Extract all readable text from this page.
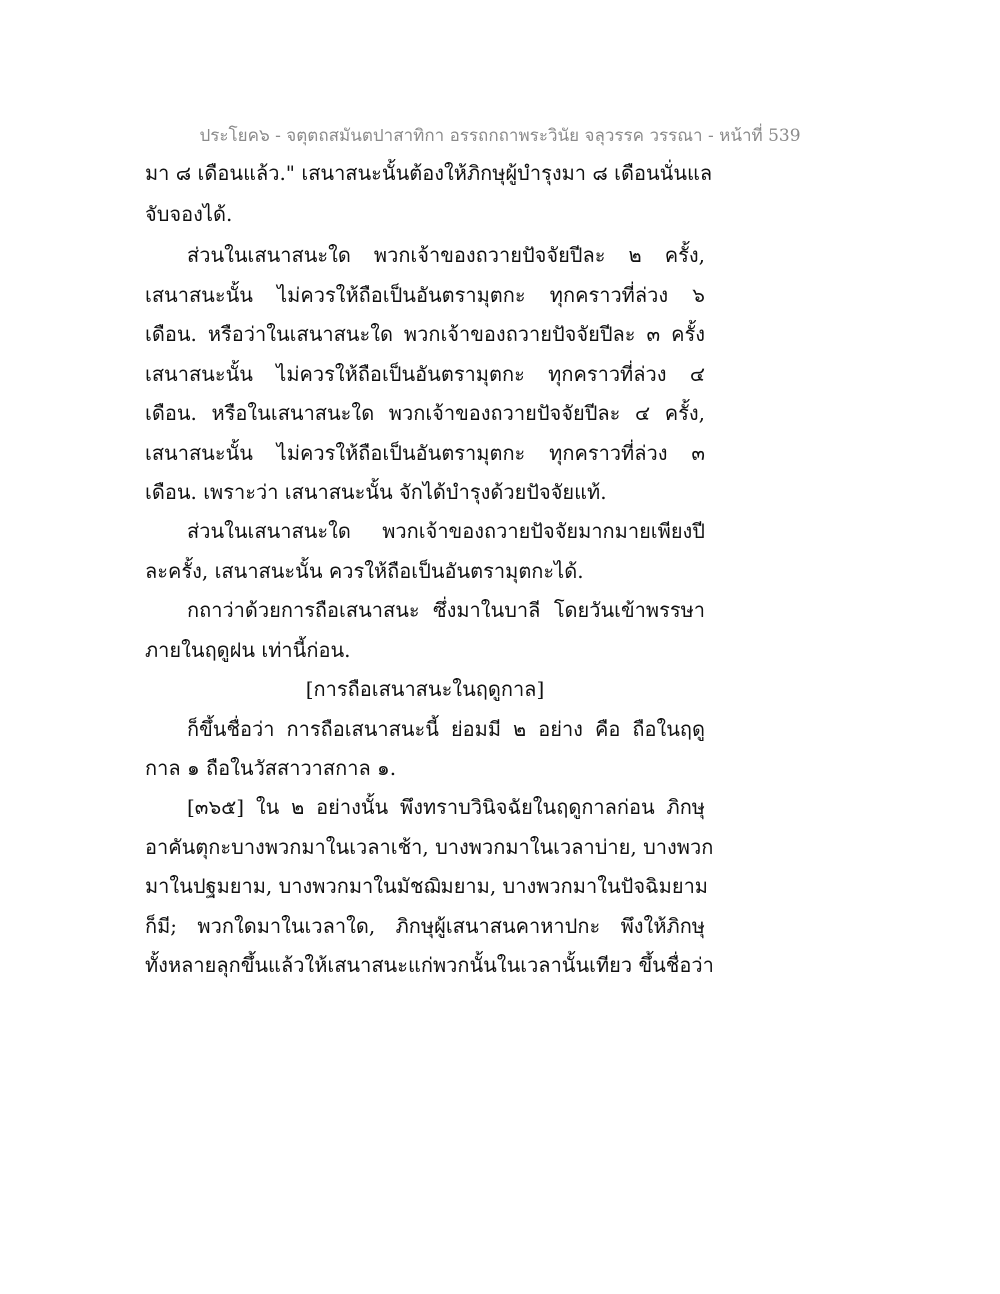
ประโยค๖ - จตุตถสมันตปาสาทิกา อรรถกถาพระวินัย จลุวรรค วรรณา - หน้าที่ 539
มา ๘ เดือนแล้ว." เสนาสนะนั้นต้องให้ภิกษุผู้บำรุงมา ๘ เดือนนั่นแล
จับจองได้.
ส่วนในเสนาสนะใด พวกเจ้าของถวายปัจจัยปีละ ๒ ครั้ง,
เสนาสนะนั้น ไม่ควรให้ถือเป็นอันตรามุตกะ ทุกคราวที่ล่วง ๖
เดือน. หรือว่าในเสนาสนะใด พวกเจ้าของถวายปัจจัยปีละ ๓ ครั้ง
เสนาสนะนั้น ไม่ควรให้ถือเป็นอันตรามุตกะ ทุกคราวที่ล่วง ๔
เดือน. หรือในเสนาสนะใด พวกเจ้าของถวายปัจจัยปีละ ๔ ครั้ง,
เสนาสนะนั้น ไม่ควรให้ถือเป็นอันตรามุตกะ ทุกคราวที่ล่วง ๓
เดือน. เพราะว่า เสนาสนะนั้น จักได้บำรุงด้วยปัจจัยแท้.
ส่วนในเสนาสนะใด พวกเจ้าของถวายปัจจัยมากมายเพียงปี
ละครั้ง, เสนาสนะนั้น ควรให้ถือเป็นอันตรามุตกะได้.
กถาว่าด้วยการถือเสนาสนะ ซึ่งมาในบาลี โดยวันเข้าพรรษา
ภายในฤดูฝน เท่านี้ก่อน.
[การถือเสนาสนะในฤดูกาล]
ก็ขึ้นชื่อว่า การถือเสนาสนะนี้ ย่อมมี ๒ อย่าง คือ ถือในฤดู
กาล ๑ ถือในวัสสาวาสกาล ๑.
[๓๖๕] ใน ๒ อย่างนั้น พึงทราบวินิจฉัยในฤดูกาลก่อน ภิกษุ
อาคันตุกะบางพวกมาในเวลาเช้า, บางพวกมาในเวลาบ่าย, บางพวก
มาในปฐมยาม, บางพวกมาในมัชฌิมยาม, บางพวกมาในปัจฉิมยาม
ก็มี; พวกใดมาในเวลาใด, ภิกษุผู้เสนาสนคาหาปกะ พึงให้ภิกษุ
ทั้งหลายลุกขึ้นแล้วให้เสนาสนะแก่พวกนั้นในเวลานั้นเทียว ขึ้นชื่อว่า
